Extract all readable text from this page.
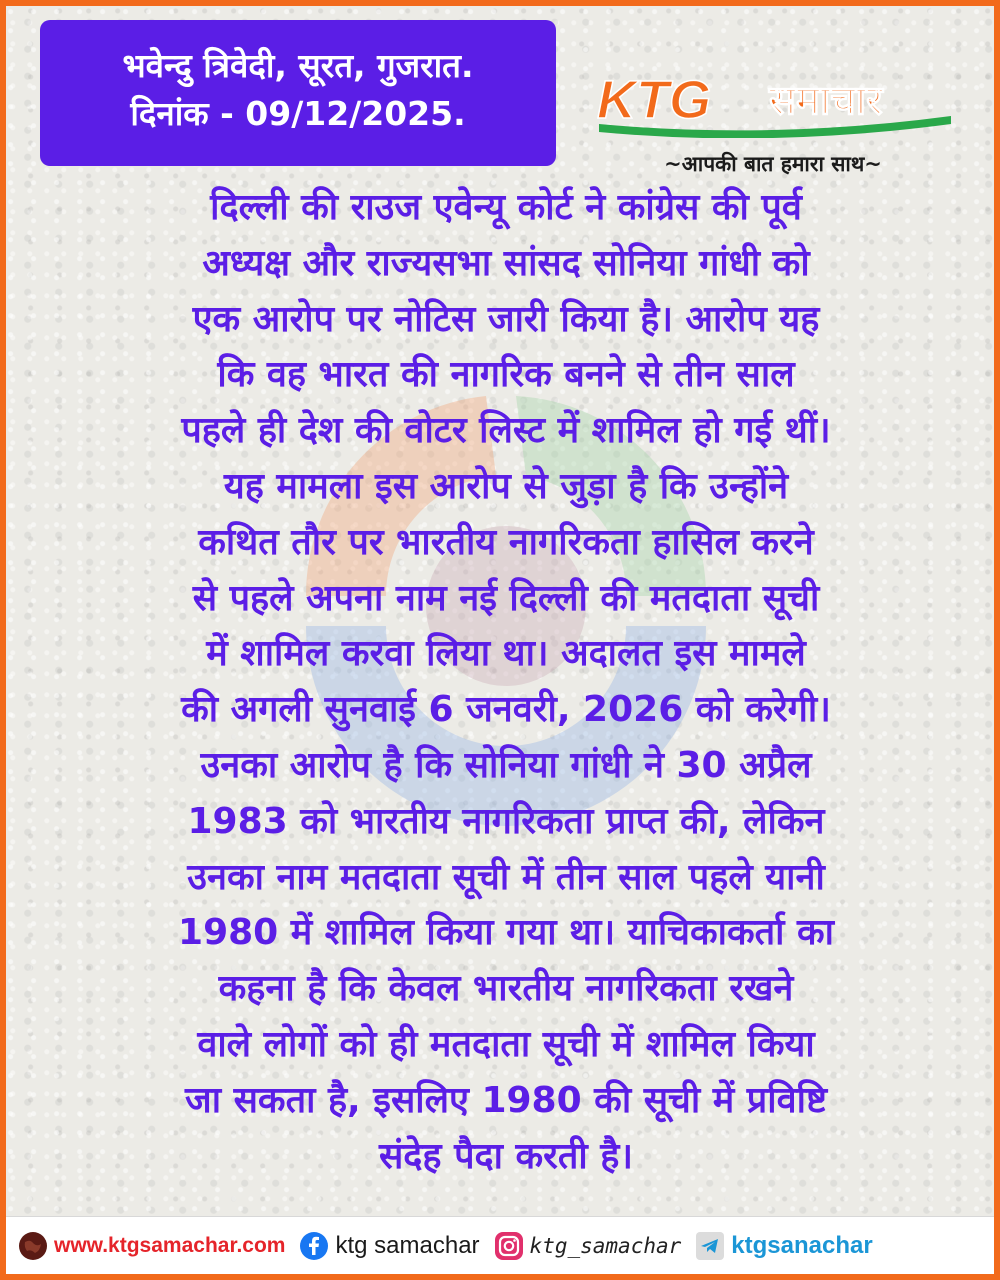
भवेन्दु त्रिवेदी, सूरत, गुजरात.
दिनांक - 09/12/2025.	KTG समाचार
~आपकी बात हमारा साथ~
दिल्ली की राउज एवेन्यू कोर्ट ने कांग्रेस की पूर्व
अध्यक्ष और राज्यसभा सांसद सोनिया गांधी को
एक आरोप पर नोटिस जारी किया है। आरोप यह
कि वह भारत की नागरिक बनने से तीन साल
पहले ही देश की वोटर लिस्ट में शामिल हो गई थीं।
यह मामला इस आरोप से जुड़ा है कि उन्होंने
कथित तौर पर भारतीय नागरिकता हासिल करने
से पहले अपना नाम नई दिल्ली की मतदाता सूची
में शामिल करवा लिया था। अदालत इस मामले
की अगली सुनवाई 6 जनवरी, 2026 को करेगी।
उनका आरोप है कि सोनिया गांधी ने 30 अप्रैल
1983 को भारतीय नागरिकता प्राप्त की, लेकिन
उनका नाम मतदाता सूची में तीन साल पहले यानी
1980 में शामिल किया गया था। याचिकाकर्ता का
कहना है कि केवल भारतीय नागरिकता रखने
वाले लोगों को ही मतदाता सूची में शामिल किया
जा सकता है, इसलिए 1980 की सूची में प्रविष्टि
संदेह पैदा करती है।
www.ktgsamachar.com ktg samachar ktg_samachar ktgsanachar
